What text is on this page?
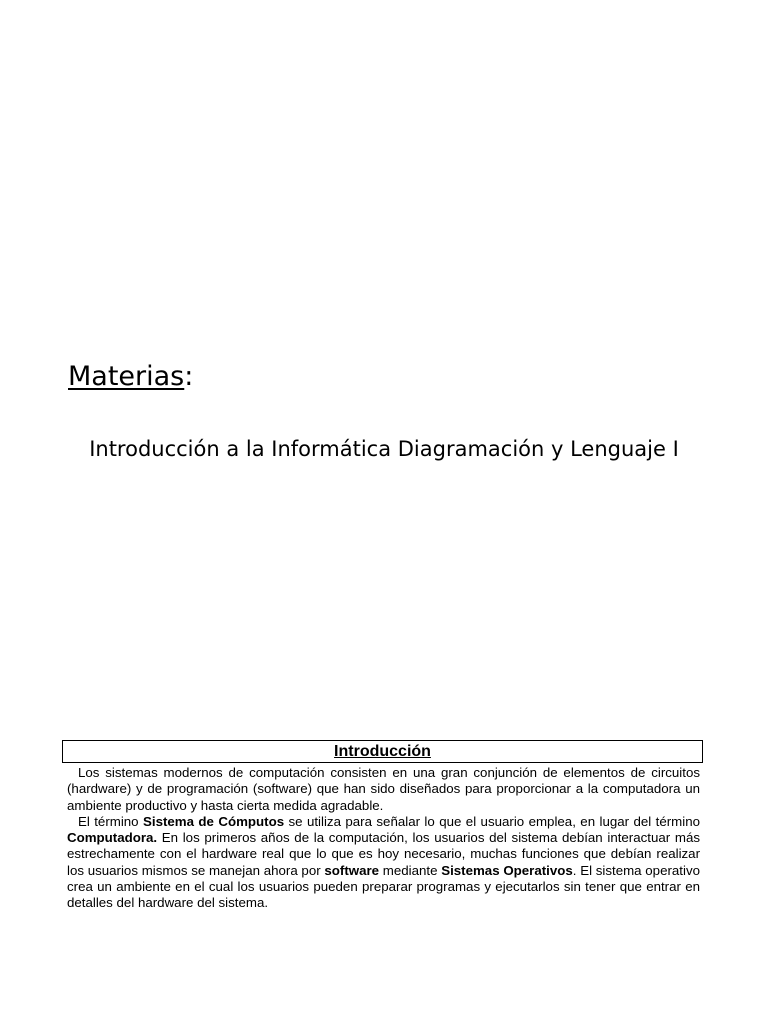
Materias:
Introducción a la Informática Diagramación y Lenguaje I
Introducción

Los sistemas modernos de computación consisten en una gran conjunción de elementos de circuitos (hardware) y de programación (software) que han sido diseñados para proporcionar a la computadora un ambiente productivo y hasta cierta medida agradable.

El término Sistema de Cómputos se utiliza para señalar lo que el usuario emplea, en lugar del término Computadora. En los primeros años de la computación, los usuarios del sistema debían interactuar más estrechamente con el hardware real que lo que es hoy necesario, muchas funciones que debían realizar los usuarios mismos se manejan ahora por software mediante Sistemas Operativos. El sistema operativo crea un ambiente en el cual los usuarios pueden preparar programas y ejecutarlos sin tener que entrar en detalles del hardware del sistema.
